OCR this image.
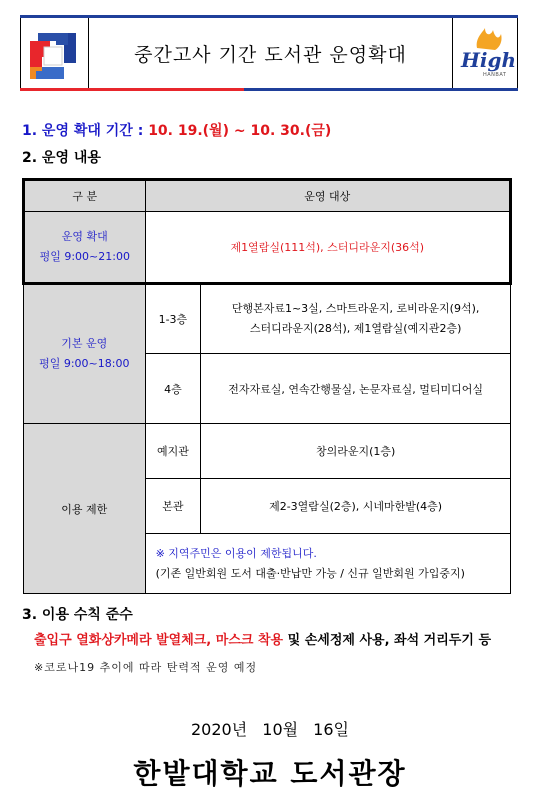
중간고사 기간 도서관 운영확대	High
HANBAT
1. 운영 확대 기간 : 10. 19.(월) ~ 10. 30.(금)
2. 운영 내용
구 분	운영 대상	

운영 확대
평일 9:00~21:00	제1열람실(111석), 스터디라운지(36석)	

기본 운영
평일 9:00~18:00	1-3층	단행본자료1~3실, 스마트라운지, 로비라운지(9석),
스터디라운지(28석), 제1열람실(예지관2층)

	4층	전자자료실, 연속간행물실, 논문자료실, 멀티미디어실
이용 제한	예지관	창의라운지(1층)
	본관	제2-3열람실(2층), 시네마한밭(4층)

	※ 지역주민은 이용이 제한됩니다.
(기존 일반회원 도서 대출·반납만 가능 / 신규 일반회원 가입중지)	
3. 이용 수칙 준수
출입구 열화상카메라 발열체크, 마스크 착용 및 손세정제 사용, 좌석 거리두기 등
※코로나19 추이에 따라 탄력적 운영 예정
2020년 10월 16일
한밭대학교 도서관장
